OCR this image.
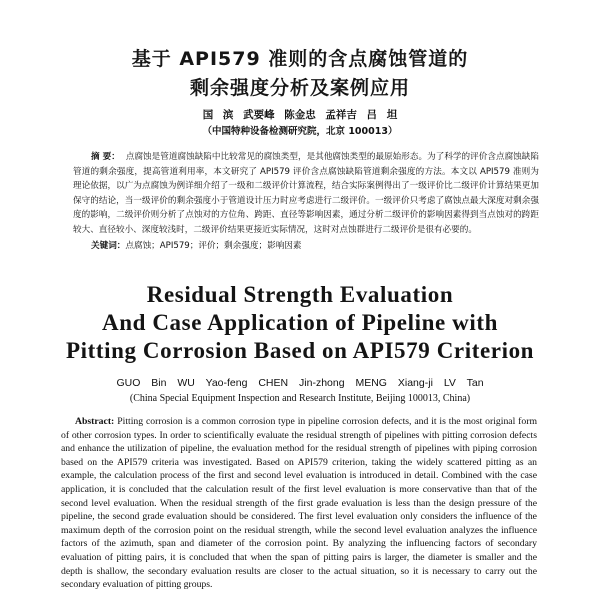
基于 API579 准则的含点腐蚀管道的
剩余强度分析及案例应用
国 滨 武要峰 陈金忠 孟祥吉 吕 坦
（中国特种设备检测研究院，北京 100013）

摘 要： 点腐蚀是管道腐蚀缺陷中比较常见的腐蚀类型，是其他腐蚀类型的最原始形态。为了科学的评价含点腐蚀缺陷管道的剩余强度，提高管道利用率，本文研究了 API579 评价含点腐蚀缺陷管道剩余强度的方法。本文以 API579 准则为理论依据，以广为点腐蚀为例详细介绍了一级和二级评价计算流程，结合实际案例得出了一级评价比二级评价计算结果更加保守的结论，当一级评价的剩余强度小于管道设计压力时应考虑进行二级评价。一级评价只考虑了腐蚀点最大深度对剩余强度的影响，二级评价则分析了点蚀对的方位角、跨距、直径等影响因素，通过分析二级评价的影响因素得到当点蚀对的跨距较大、直径较小、深度较浅时，二级评价结果更接近实际情况，这时对点蚀群进行二级评价是很有必要的。

关键词：点腐蚀；API579；评价；剩余强度；影响因素

Residual Strength Evaluation
And Case Application of Pipeline with
Pitting Corrosion Based on API579 Criterion
GUO Bin WU Yao-feng CHEN Jin-zhong MENG Xiang-ji LV Tan
(China Special Equipment Inspection and Research Institute, Beijing 100013, China)

Abstract: Pitting corrosion is a common corrosion type in pipeline corrosion defects, and it is the most original form of other corrosion types. In order to scientifically evaluate the residual strength of pipelines with pitting corrosion defects and enhance the utilization of pipeline, the evaluation method for the residual strength of pipelines with piping corrosion based on the API579 criteria was investigated. Based on API579 criterion, taking the widely scattered pitting as an example, the calculation process of the first and second level evaluation is introduced in detail. Combined with the case application, it is concluded that the calculation result of the first level evaluation is more conservative than that of the second level evaluation. When the residual strength of the first grade evaluation is less than the design pressure of the pipeline, the second grade evaluation should be considered. The first level evaluation only considers the influence of the maximum depth of the corrosion point on the residual strength, while the second level evaluation analyzes the influence factors of the azimuth, span and diameter of the corrosion point. By analyzing the influencing factors of secondary evaluation of pitting pairs, it is concluded that when the span of pitting pairs is larger, the diameter is smaller and the depth is shallow, the secondary evaluation results are closer to the actual situation, so it is necessary to carry out the secondary evaluation of pitting groups.
